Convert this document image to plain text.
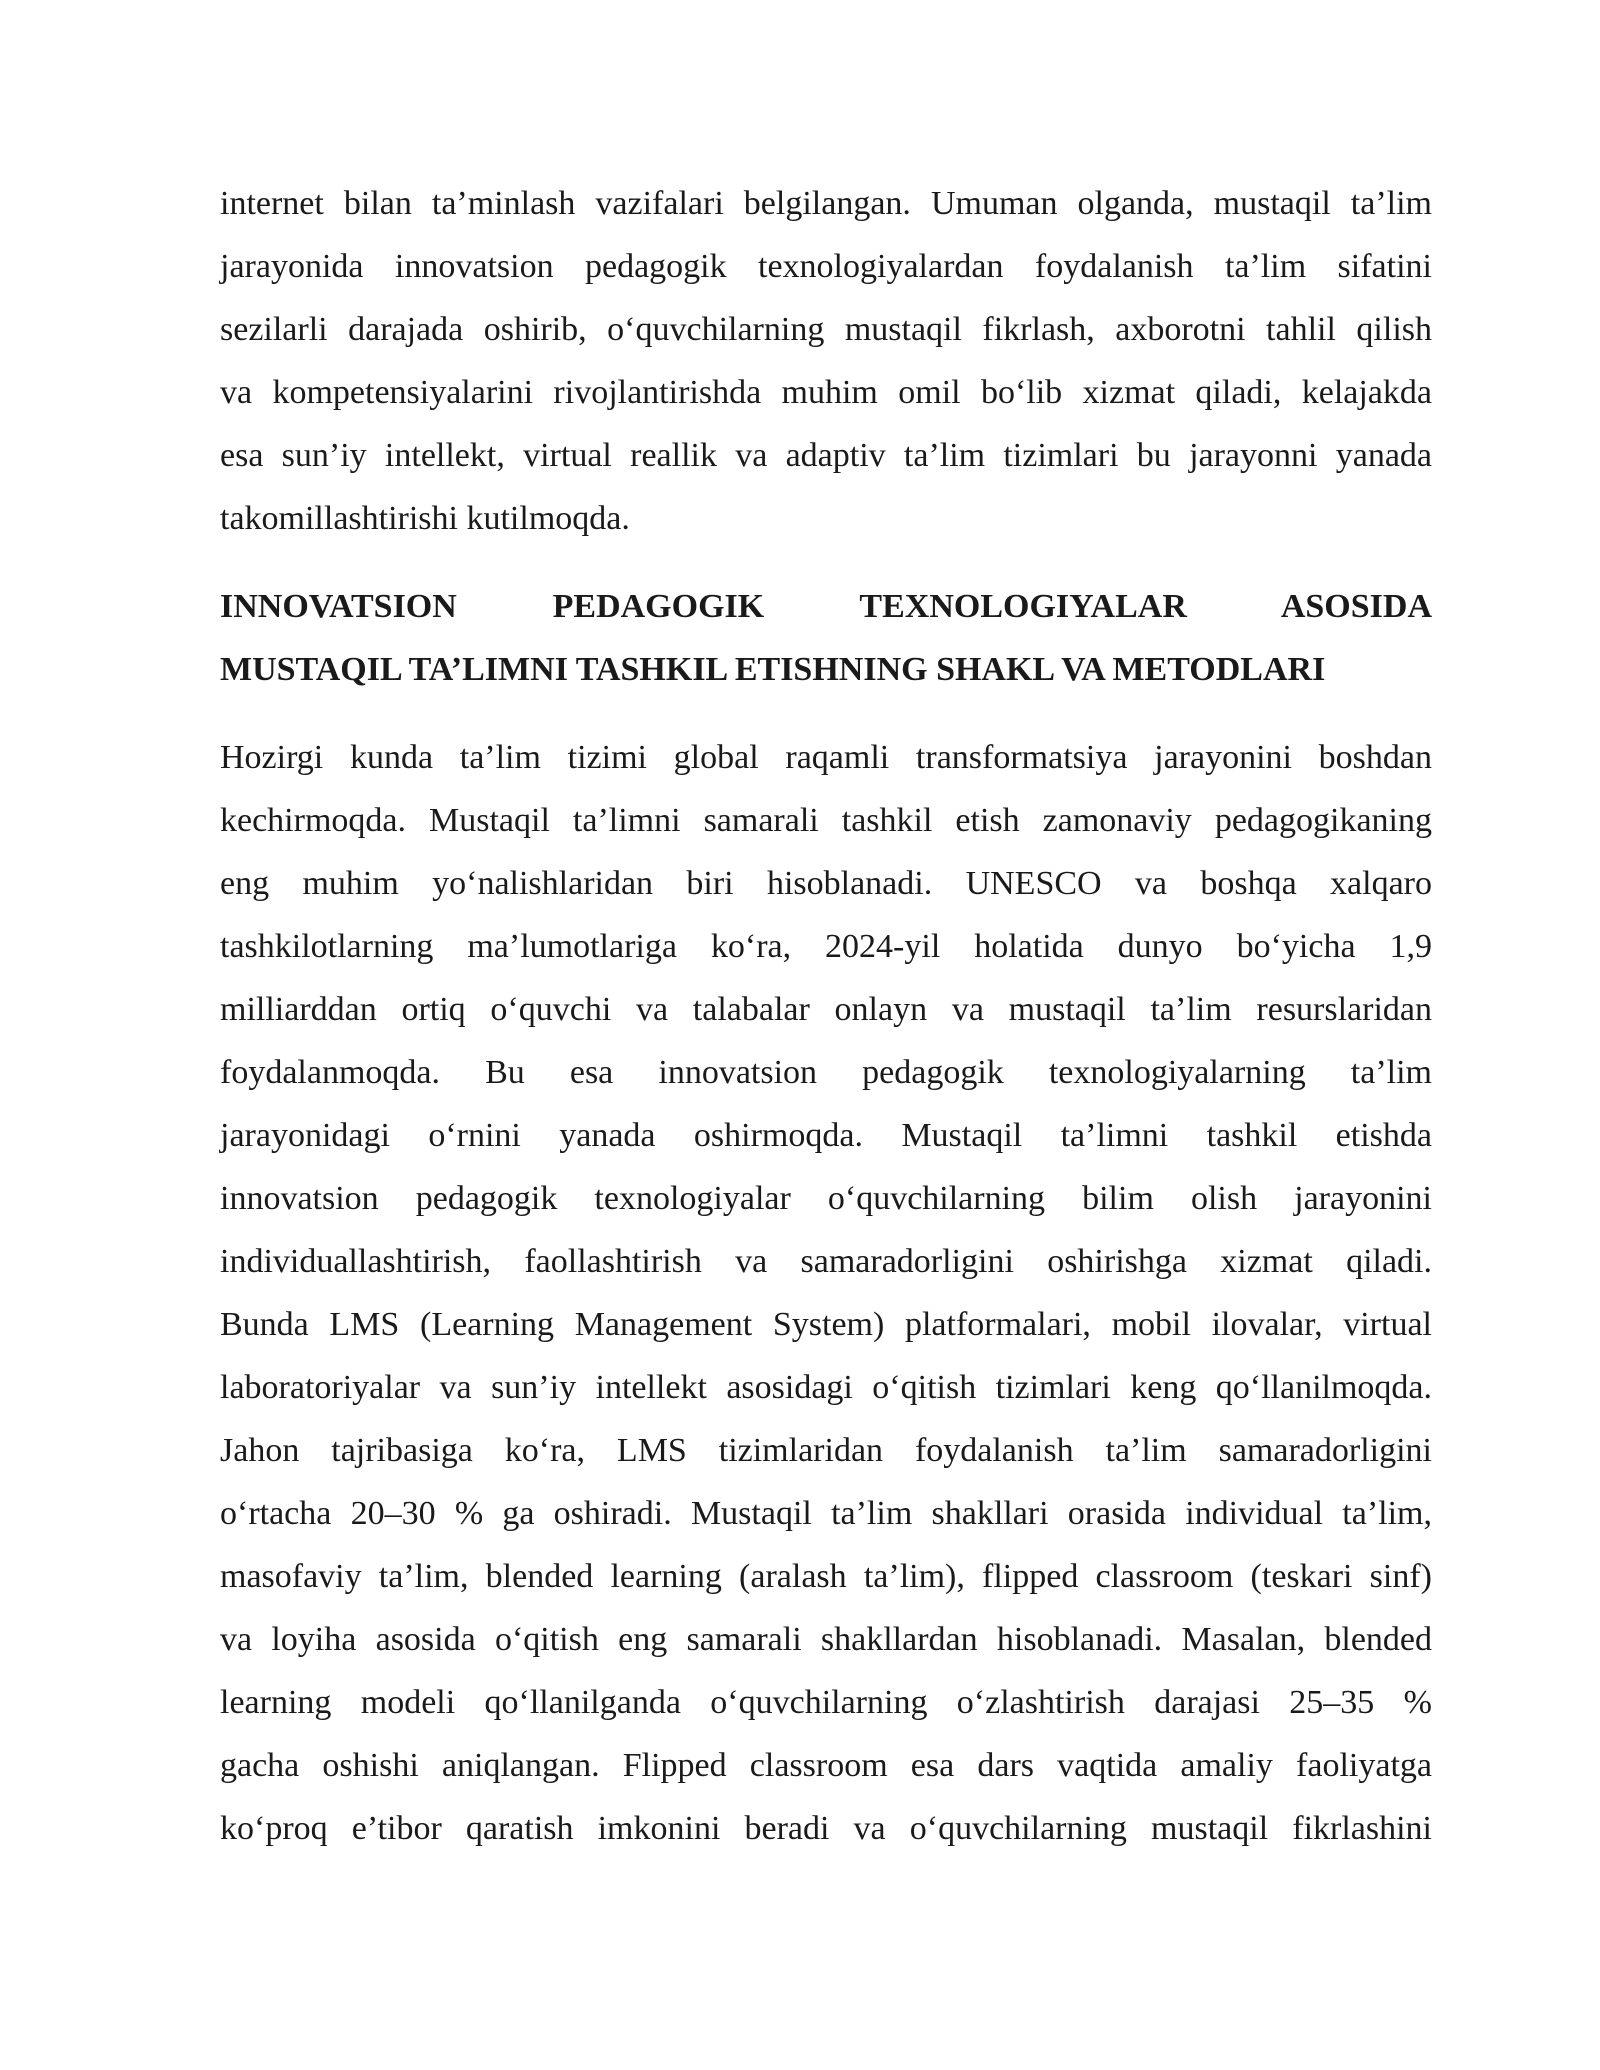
internet bilan ta’minlash vazifalari belgilangan. Umuman olganda, mustaqil ta’lim
jarayonida innovatsion pedagogik texnologiyalardan foydalanish ta’lim sifatini
sezilarli darajada oshirib, o‘quvchilarning mustaqil fikrlash, axborotni tahlil qilish
va kompetensiyalarini rivojlantirishda muhim omil bo‘lib xizmat qiladi, kelajakda
esa sun’iy intellekt, virtual reallik va adaptiv ta’lim tizimlari bu jarayonni yanada
takomillashtirishi kutilmoqda.
INNOVATSION PEDAGOGIK TEXNOLOGIYALAR ASOSIDA
MUSTAQIL TA’LIMNI TASHKIL ETISHNING SHAKL VA METODLARI
Hozirgi kunda ta’lim tizimi global raqamli transformatsiya jarayonini boshdan
kechirmoqda. Mustaqil ta’limni samarali tashkil etish zamonaviy pedagogikaning
eng muhim yo‘nalishlaridan biri hisoblanadi. UNESCO va boshqa xalqaro
tashkilotlarning ma’lumotlariga ko‘ra, 2024-yil holatida dunyo bo‘yicha 1,9
milliarddan ortiq o‘quvchi va talabalar onlayn va mustaqil ta’lim resurslaridan
foydalanmoqda. Bu esa innovatsion pedagogik texnologiyalarning ta’lim
jarayonidagi o‘rnini yanada oshirmoqda. Mustaqil ta’limni tashkil etishda
innovatsion pedagogik texnologiyalar o‘quvchilarning bilim olish jarayonini
individuallashtirish, faollashtirish va samaradorligini oshirishga xizmat qiladi.
Bunda LMS (Learning Management System) platformalari, mobil ilovalar, virtual
laboratoriyalar va sun’iy intellekt asosidagi o‘qitish tizimlari keng qo‘llanilmoqda.
Jahon tajribasiga ko‘ra, LMS tizimlaridan foydalanish ta’lim samaradorligini
o‘rtacha 20–30 % ga oshiradi. Mustaqil ta’lim shakllari orasida individual ta’lim,
masofaviy ta’lim, blended learning (aralash ta’lim), flipped classroom (teskari sinf)
va loyiha asosida o‘qitish eng samarali shakllardan hisoblanadi. Masalan, blended
learning modeli qo‘llanilganda o‘quvchilarning o‘zlashtirish darajasi 25–35 %
gacha oshishi aniqlangan. Flipped classroom esa dars vaqtida amaliy faoliyatga
ko‘proq e’tibor qaratish imkonini beradi va o‘quvchilarning mustaqil fikrlashini
